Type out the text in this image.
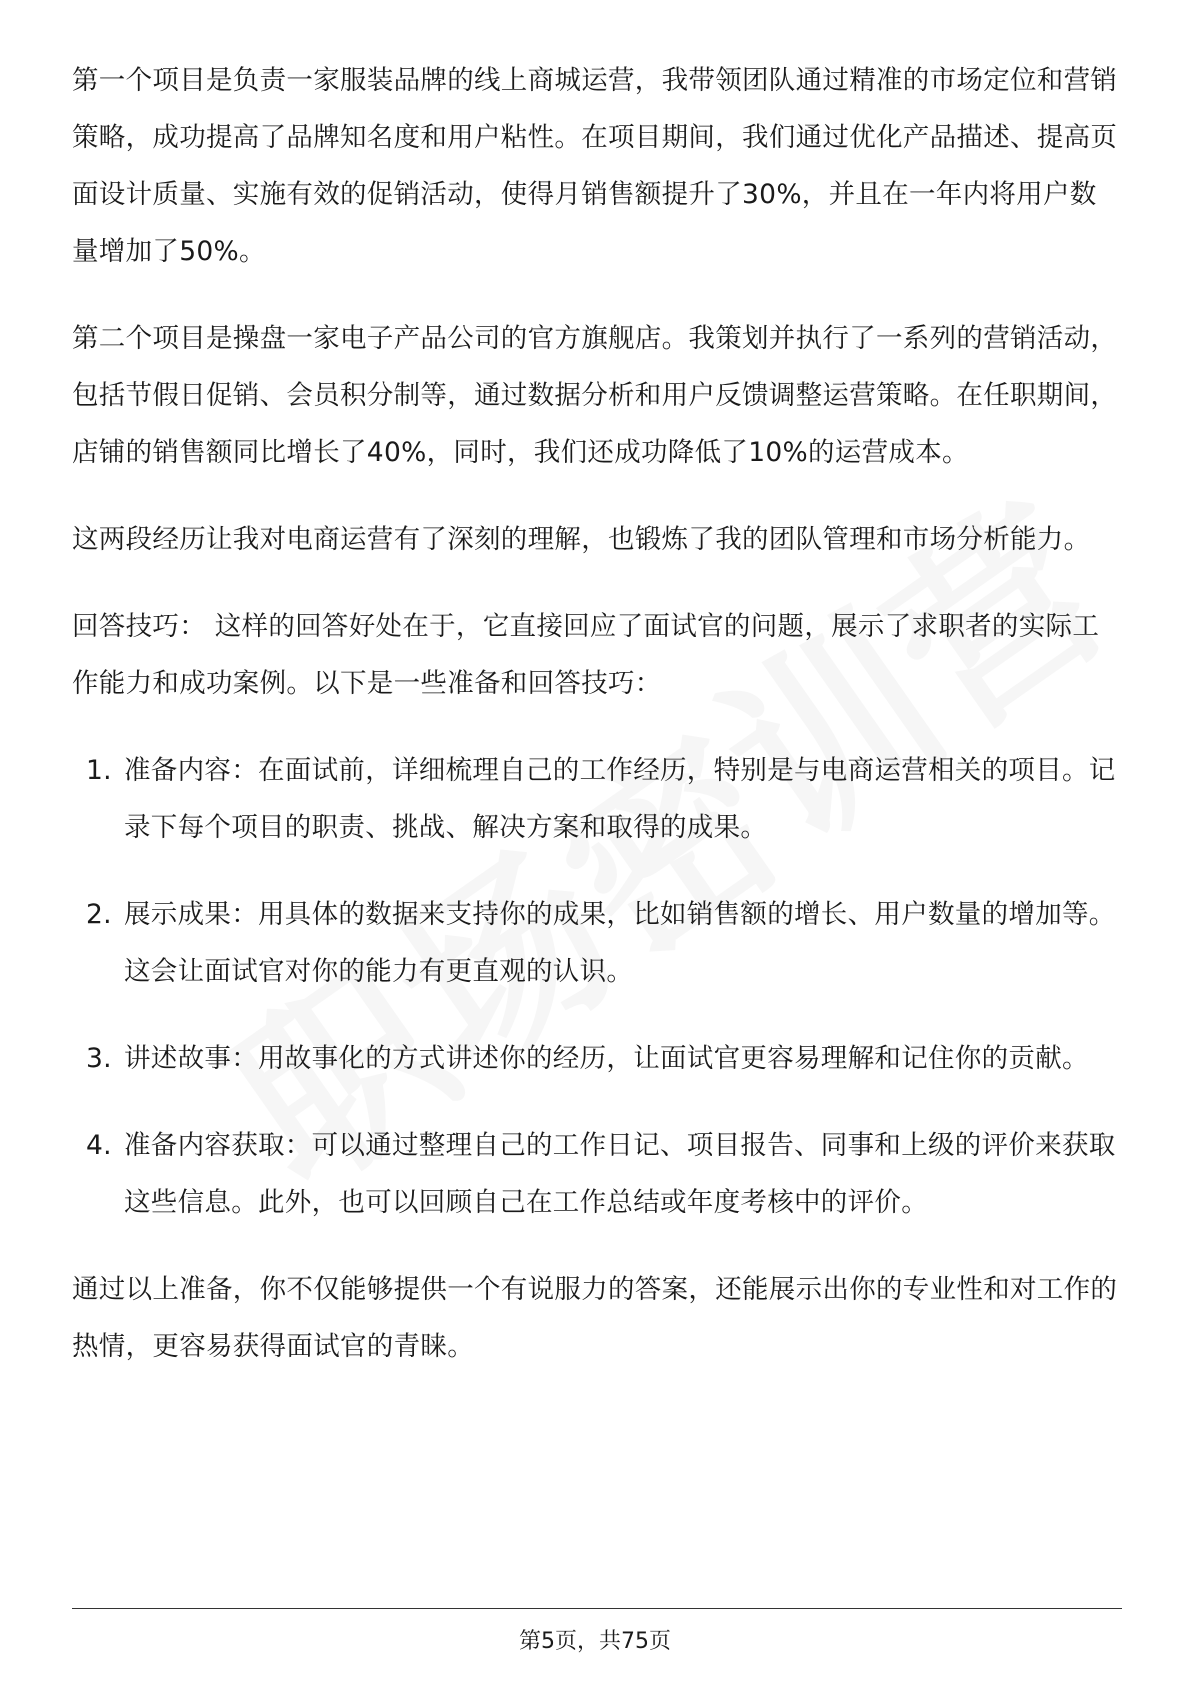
第一个项目是负责一家服装品牌的线上商城运营，我带领团队通过精准的市场定位和营销策略，成功提高了品牌知名度和用户粘性。在项目期间，我们通过优化产品描述、提高页面设计质量、实施有效的促销活动，使得月销售额提升了30%，并且在一年内将用户数量增加了50%。

第二个项目是操盘一家电子产品公司的官方旗舰店。我策划并执行了一系列的营销活动，包括节假日促销、会员积分制等，通过数据分析和用户反馈调整运营策略。在任职期间，店铺的销售额同比增长了40%，同时，我们还成功降低了10%的运营成本。

这两段经历让我对电商运营有了深刻的理解，也锻炼了我的团队管理和市场分析能力。

回答技巧： 这样的回答好处在于，它直接回应了面试官的问题，展示了求职者的实际工作能力和成功案例。以下是一些准备和回答技巧：

1. 准备内容：在面试前，详细梳理自己的工作经历，特别是与电商运营相关的项目。记录下每个项目的职责、挑战、解决方案和取得的成果。
2. 展示成果：用具体的数据来支持你的成果，比如销售额的增长、用户数量的增加等。这会让面试官对你的能力有更直观的认识。
3. 讲述故事：用故事化的方式讲述你的经历，让面试官更容易理解和记住你的贡献。
4. 准备内容获取：可以通过整理自己的工作日记、项目报告、同事和上级的评价来获取这些信息。此外，也可以回顾自己在工作总结或年度考核中的评价。

通过以上准备，你不仅能够提供一个有说服力的答案，还能展示出你的专业性和对工作的热情，更容易获得面试官的青睐。

第5页，共75页
